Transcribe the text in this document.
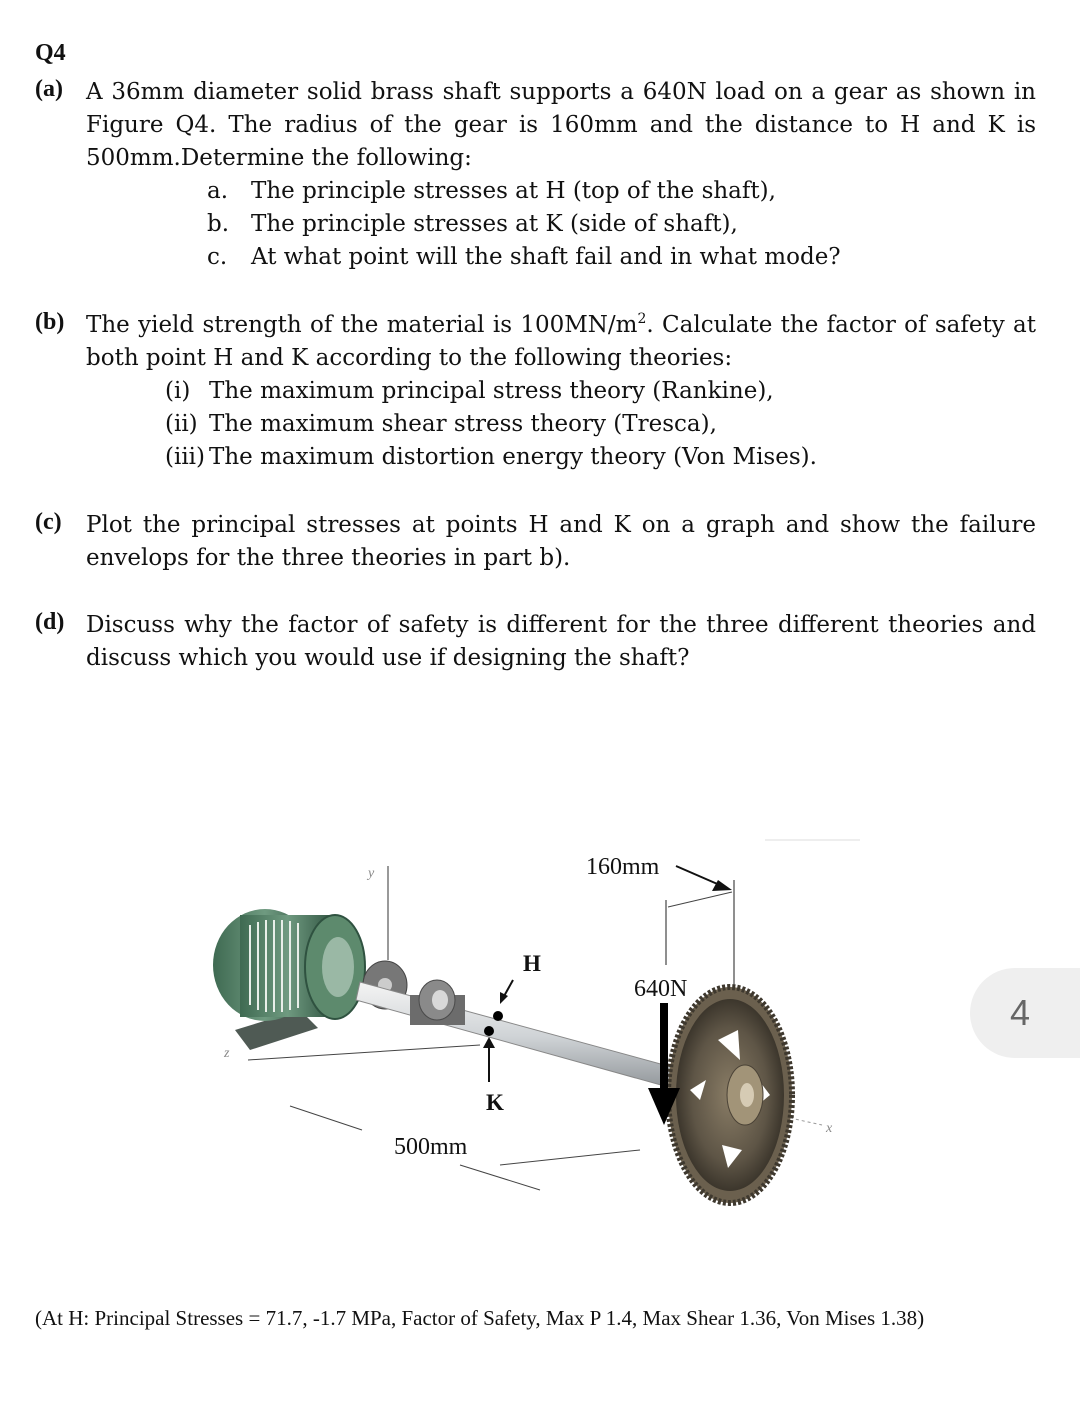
Q4
(a) A 36mm diameter solid brass shaft supports a 640N load on a gear as shown in Figure Q4. The radius of the gear is 160mm and the distance to H and K is 500mm.Determine the following:
a. The principle stresses at H (top of the shaft),
b. The principle stresses at K (side of shaft),
c. At what point will the shaft fail and in what mode?
(b) The yield strength of the material is $100MN/m^2$. Calculate the factor of safety at both point H and K according to the following theories:
(i) The maximum principal stress theory (Rankine),
(ii) The maximum shear stress theory (Tresca),
(iii) The maximum distortion energy theory (Von Mises).
(c) Plot the principal stresses at points H and K on a graph and show the failure envelops for the three theories in part b).
(d) Discuss why the factor of safety is different for the three different theories and discuss which you would use if designing the shaft?
y
z
x
160mm
640N
H
K
500mm
4
(At H: Principal Stresses = 71.7, -1.7 MPa, Factor of Safety, Max P 1.4, Max Shear 1.36, Von Mises 1.38)
